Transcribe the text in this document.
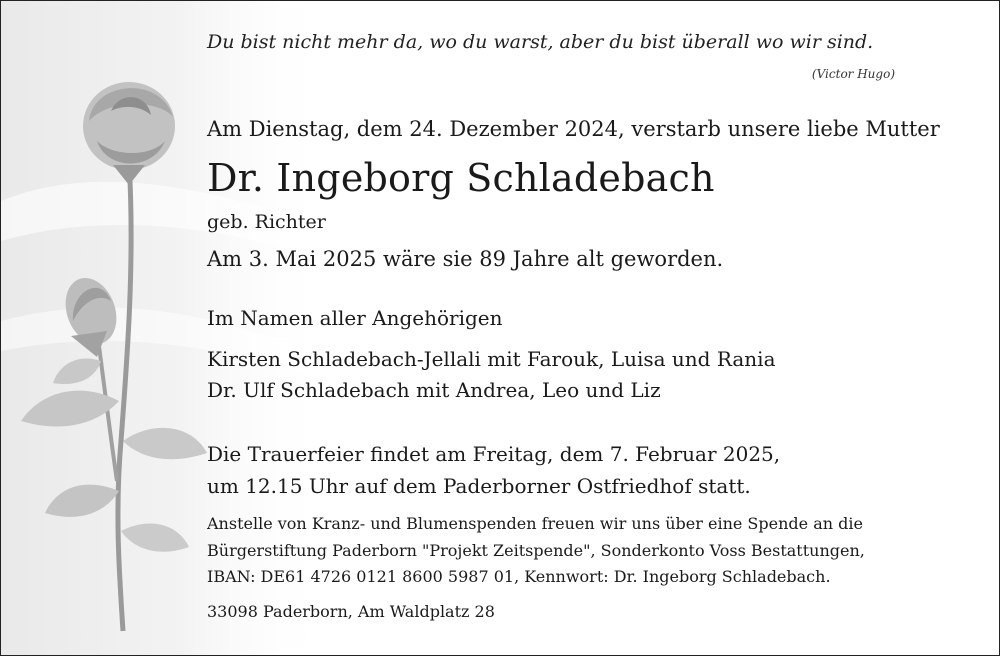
Du bist nicht mehr da, wo du warst, aber du bist überall wo wir sind.
(Victor Hugo)
Am Dienstag, dem 24. Dezember 2024, verstarb unsere liebe Mutter
Dr. Ingeborg Schladebach
geb. Richter
Am 3. Mai 2025 wäre sie 89 Jahre alt geworden.
Im Namen aller Angehörigen
Kirsten Schladebach-Jellali mit Farouk, Luisa und Rania
Dr. Ulf Schladebach mit Andrea, Leo und Liz
Die Trauerfeier findet am Freitag, dem 7. Februar 2025,
um 12.15 Uhr auf dem Paderborner Ostfriedhof statt.
Anstelle von Kranz- und Blumenspenden freuen wir uns über eine Spende an die
Bürgerstiftung Paderborn "Projekt Zeitspende", Sonderkonto Voss Bestattungen,
IBAN: DE61 4726 0121 8600 5987 01, Kennwort: Dr. Ingeborg Schladebach.
33098 Paderborn, Am Waldplatz 28
